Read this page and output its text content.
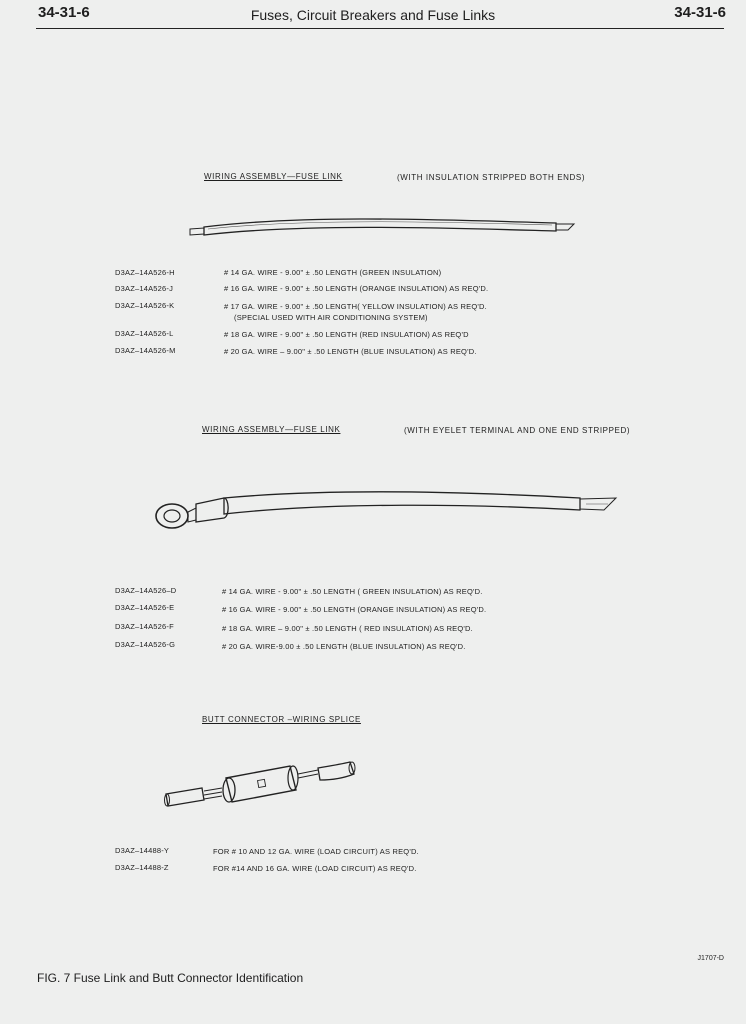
34-31-6	Fuses, Circuit Breakers and Fuse Links	34-31-6
WIRING ASSEMBLY—FUSE LINK	(WITH INSULATION STRIPPED BOTH ENDS)
D3AZ–14A526-H	# 14 GA. WIRE - 9.00" ± .50 LENGTH (GREEN INSULATION)
D3AZ–14A526-J	# 16 GA. WIRE - 9.00" ± .50 LENGTH (ORANGE INSULATION) AS REQ'D.
D3AZ–14A526-K	# 17 GA. WIRE - 9.00" ± .50 LENGTH( YELLOW INSULATION) AS REQ'D.
(SPECIAL USED WITH AIR CONDITIONING SYSTEM)
D3AZ–14A526-L	# 18 GA. WIRE - 9.00" ± .50 LENGTH (RED INSULATION) AS REQ'D
D3AZ–14A526-M	# 20 GA. WIRE – 9.00" ± .50 LENGTH (BLUE INSULATION) AS REQ'D.
WIRING ASSEMBLY—FUSE LINK	(WITH EYELET TERMINAL AND ONE END STRIPPED)
D3AZ–14A526–D	# 14 GA. WIRE - 9.00" ± .50 LENGTH ( GREEN INSULATION) AS REQ'D.
D3AZ–14A526-E	# 16 GA. WIRE - 9.00" ± .50 LENGTH (ORANGE INSULATION) AS REQ'D.
D3AZ–14A526-F	# 18 GA. WIRE – 9.00" ± .50 LENGTH ( RED INSULATION) AS REQ'D.
D3AZ–14A526-G	# 20 GA. WIRE-9.00 ± .50 LENGTH (BLUE INSULATION) AS REQ'D.
BUTT CONNECTOR –WIRING SPLICE
D3AZ–14488-Y	FOR # 10 AND 12 GA. WIRE (LOAD CIRCUIT) AS REQ'D.
D3AZ–14488-Z	FOR #14 AND 16 GA. WIRE (LOAD CIRCUIT) AS REQ'D.
J1707-D
FIG. 7 Fuse Link and Butt Connector Identification
